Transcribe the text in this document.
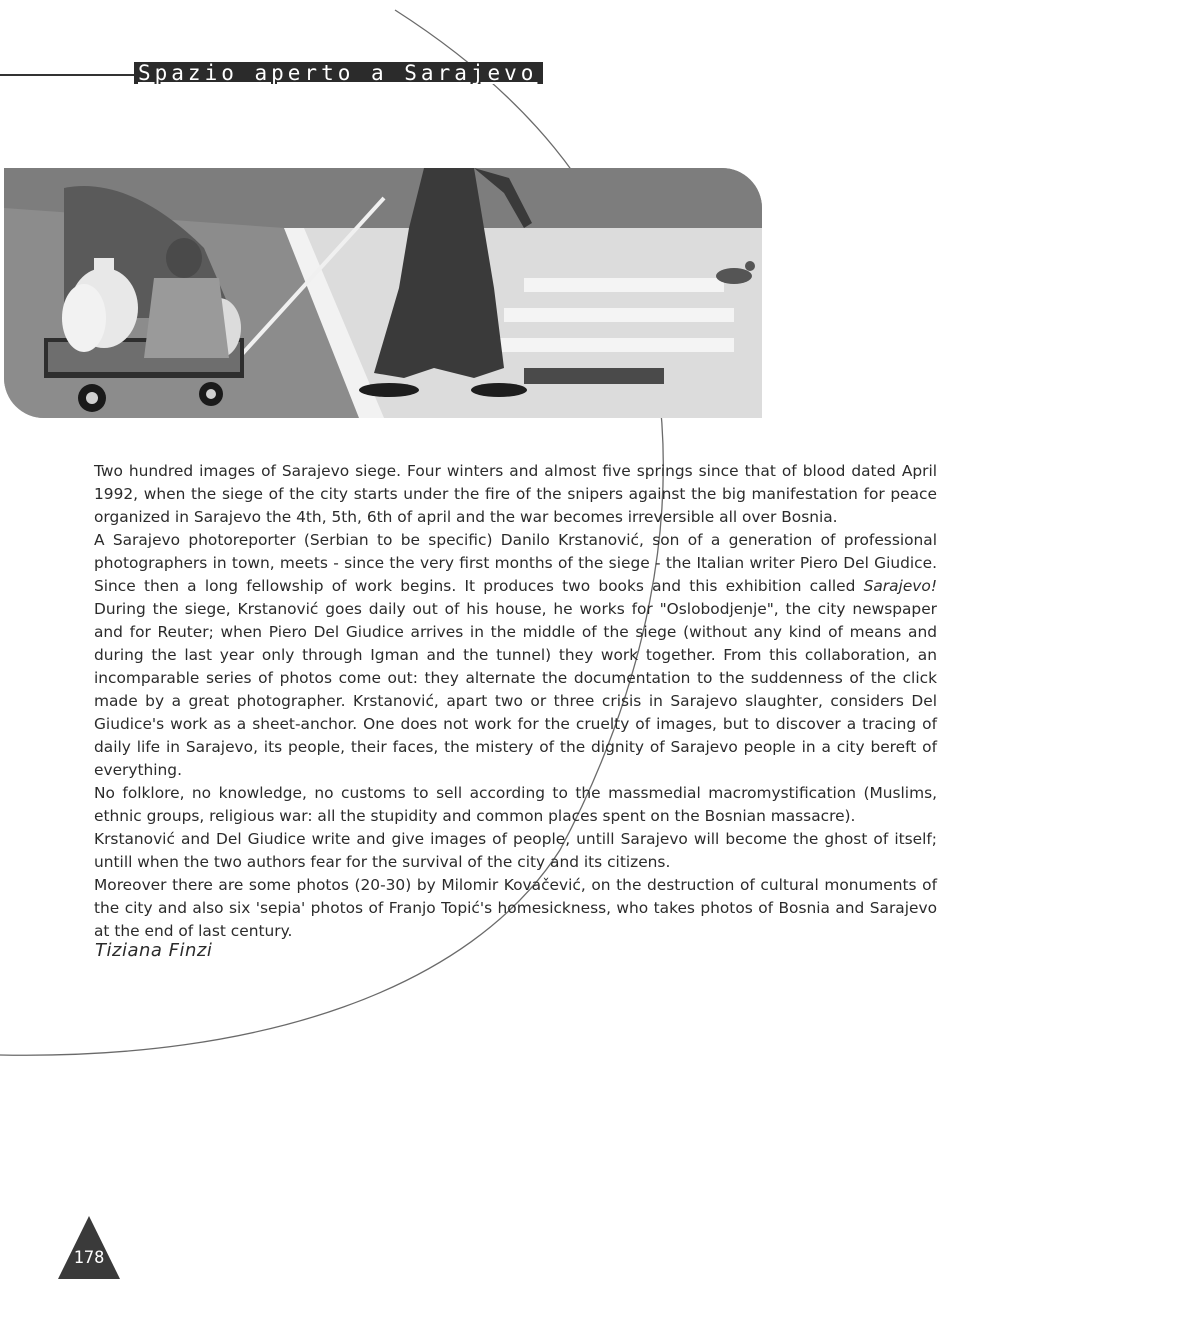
Spazio aperto a Sarajevo

Two hundred images of Sarajevo siege. Four winters and almost five springs since that of blood dated April 1992, when the siege of the city starts under the fire of the snipers against the big manifestation for peace organized in Sarajevo the 4th, 5th, 6th of april and the war becomes irreversible all over Bosnia.

A Sarajevo photoreporter (Serbian to be specific) Danilo Krstanović, son of a generation of professional photographers in town, meets - since the very first months of the siege - the Italian writer Piero Del Giudice. Since then a long fellowship of work begins. It produces two books and this exhibition called Sarajevo! During the siege, Krstanović goes daily out of his house, he works for "Oslobodjenje", the city newspaper and for Reuter; when Piero Del Giudice arrives in the middle of the siege (without any kind of means and during the last year only through Igman and the tunnel) they work together. From this collaboration, an incomparable series of photos come out: they alternate the documentation to the suddenness of the click made by a great photographer. Krstanović, apart two or three crisis in Sarajevo slaughter, considers Del Giudice's work as a sheet-anchor. One does not work for the cruelty of images, but to discover a tracing of daily life in Sarajevo, its people, their faces, the mistery of the dignity of Sarajevo people in a city bereft of everything.

No folklore, no knowledge, no customs to sell according to the massmedial macromystification (Muslims, ethnic groups, religious war: all the stupidity and common places spent on the Bosnian massacre).

Krstanović and Del Giudice write and give images of people, untill Sarajevo will become the ghost of itself; untill when the two authors fear for the survival of the city and its citizens.

Moreover there are some photos (20-30) by Milomir Kovačević, on the destruction of cultural monuments of the city and also six 'sepia' photos of Franjo Topić's homesickness, who takes photos of Bosnia and Sarajevo at the end of last century.

Tiziana Finzi
178
